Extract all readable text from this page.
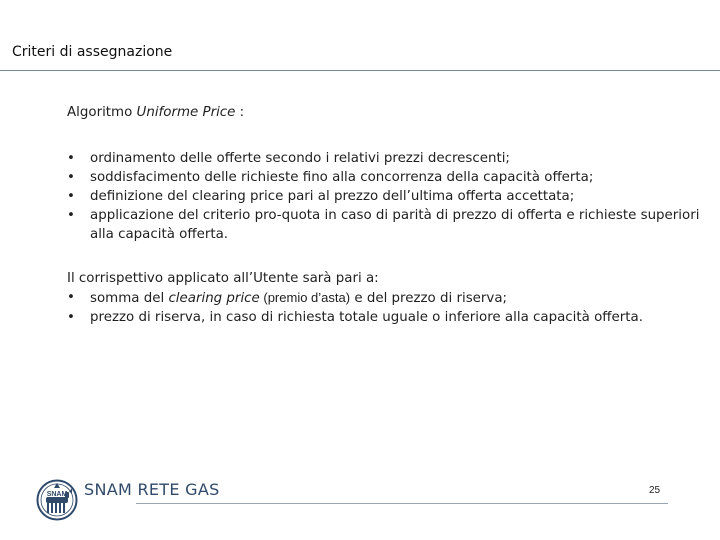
Criteri di assegnazione

Algoritmo Uniforme Price :

•	ordinamento delle offerte secondo i relativi prezzi decrescenti;
•	soddisfacimento delle richieste fino alla concorrenza della capacità offerta;
•	definizione del clearing price pari al prezzo dell’ultima offerta accettata;
•	applicazione del criterio pro-quota in caso di parità di prezzo di offerta e richieste superiori alla capacità offerta.
Il corrispettivo applicato all’Utente sarà pari a:
•	somma del clearing price (premio d’asta) e del prezzo di riserva;
•	prezzo di riserva, in caso di richiesta totale uguale o inferiore alla capacità offerta.
SNAM SNAM RETE GAS	25
